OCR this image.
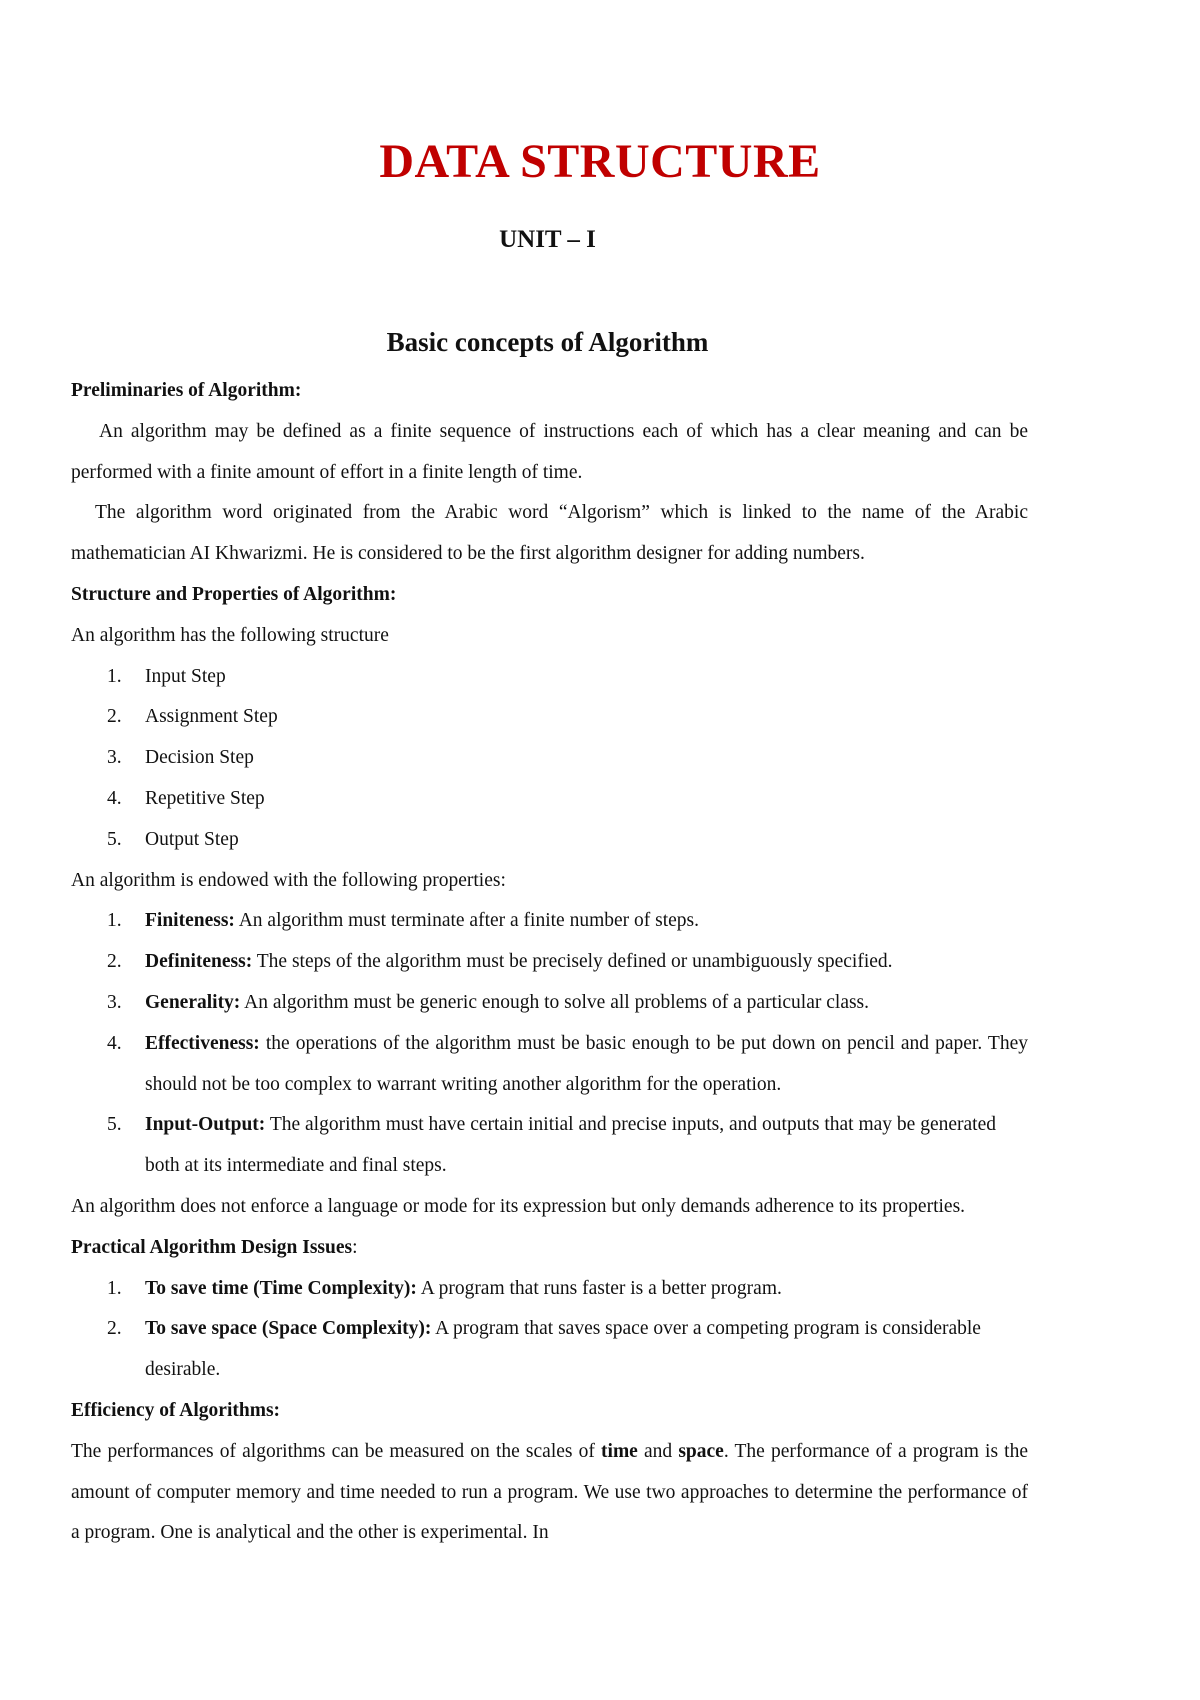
DATA STRUCTURE
UNIT – I
Basic concepts of Algorithm

Preliminaries of Algorithm:

An algorithm may be defined as a finite sequence of instructions each of which has a clear meaning and can be performed with a finite amount of effort in a finite length of time.

The algorithm word originated from the Arabic word “Algorism” which is linked to the name of the Arabic mathematician AI Khwarizmi. He is considered to be the first algorithm designer for adding numbers.

Structure and Properties of Algorithm:

An algorithm has the following structure

1. Input Step
2. Assignment Step
3. Decision Step
4. Repetitive Step
5. Output Step

An algorithm is endowed with the following properties:

1. Finiteness: An algorithm must terminate after a finite number of steps.
2. Definiteness: The steps of the algorithm must be precisely defined or unambiguously specified.
3. Generality: An algorithm must be generic enough to solve all problems of a particular class.
4. Effectiveness: the operations of the algorithm must be basic enough to be put down on pencil and paper. They should not be too complex to warrant writing another algorithm for the operation.
5. Input-Output: The algorithm must have certain initial and precise inputs, and outputs that may be generated both at its intermediate and final steps.

An algorithm does not enforce a language or mode for its expression but only demands adherence to its properties.

Practical Algorithm Design Issues:

1. To save time (Time Complexity): A program that runs faster is a better program.
2. To save space (Space Complexity): A program that saves space over a competing program is considerable desirable.

Efficiency of Algorithms:

The performances of algorithms can be measured on the scales of time and space. The performance of a program is the amount of computer memory and time needed to run a program. We use two approaches to determine the performance of a program. One is analytical and the other is experimental. In
